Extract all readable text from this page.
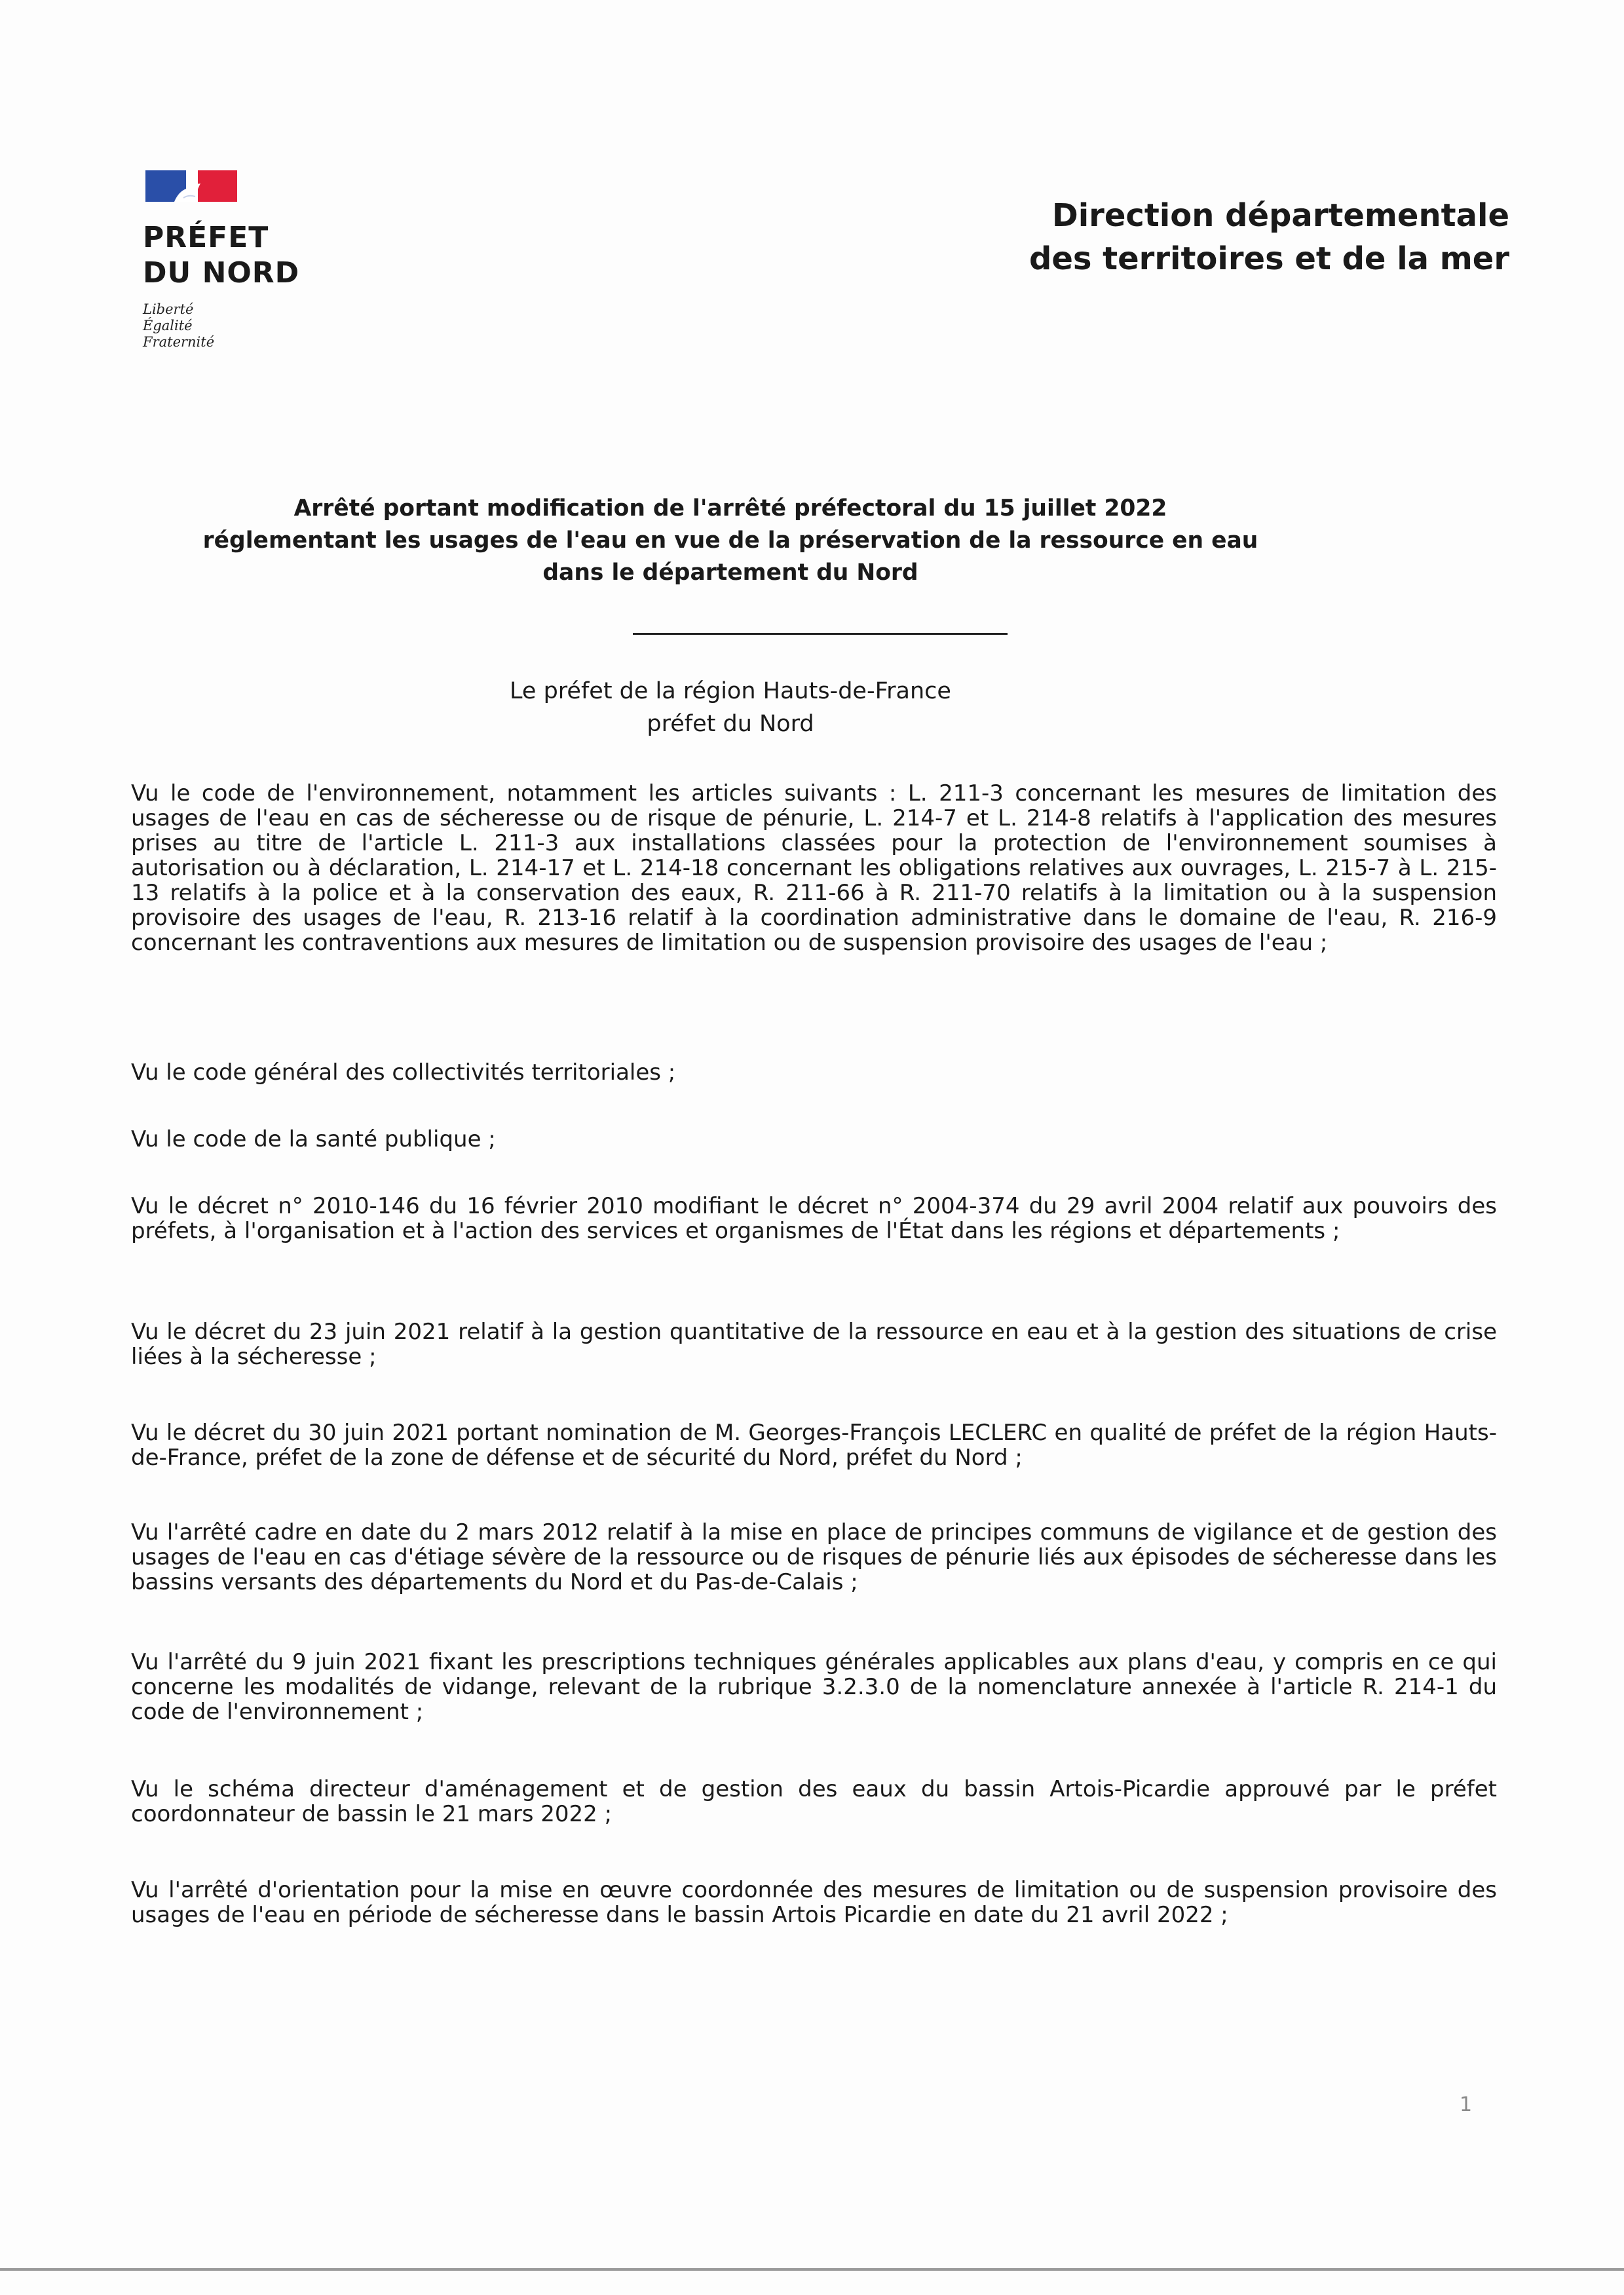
PRÉFET
DU NORD
Liberté
Égalité
Fraternité
Direction départementale
des territoires et de la mer
Arrêté portant modification de l'arrêté préfectoral du 15 juillet 2022
réglementant les usages de l'eau en vue de la préservation de la ressource en eau
dans le département du Nord
Le préfet de la région Hauts-de-France
préfet du Nord
Vu le code de l'environnement, notamment les articles suivants : L. 211-3 concernant les mesures de limitation des usages de l'eau en cas de sécheresse ou de risque de pénurie, L. 214-7 et L. 214-8 relatifs à l'application des mesures prises au titre de l'article L. 211-3 aux installations classées pour la protection de l'environnement soumises à autorisation ou à déclaration, L. 214-17 et L. 214-18 concernant les obligations relatives aux ouvrages, L. 215-7 à L. 215-13 relatifs à la police et à la conservation des eaux, R. 211-66 à R. 211-70 relatifs à la limitation ou à la suspension provisoire des usages de l'eau, R. 213-16 relatif à la coordination administrative dans le domaine de l'eau, R. 216-9 concernant les contraventions aux mesures de limitation ou de suspension provisoire des usages de l'eau ;
Vu le code général des collectivités territoriales ;
Vu le code de la santé publique ;
Vu le décret n° 2010-146 du 16 février 2010 modifiant le décret n° 2004-374 du 29 avril 2004 relatif aux pouvoirs des préfets, à l'organisation et à l'action des services et organismes de l'État dans les régions et départements ;
Vu le décret du 23 juin 2021 relatif à la gestion quantitative de la ressource en eau et à la gestion des situations de crise liées à la sécheresse ;
Vu le décret du 30 juin 2021 portant nomination de M. Georges-François LECLERC en qualité de préfet de la région Hauts-de-France, préfet de la zone de défense et de sécurité du Nord, préfet du Nord ;
Vu l'arrêté cadre en date du 2 mars 2012 relatif à la mise en place de principes communs de vigilance et de gestion des usages de l'eau en cas d'étiage sévère de la ressource ou de risques de pénurie liés aux épisodes de sécheresse dans les bassins versants des départements du Nord et du Pas-de-Calais ;
Vu l'arrêté du 9 juin 2021 fixant les prescriptions techniques générales applicables aux plans d'eau, y compris en ce qui concerne les modalités de vidange, relevant de la rubrique 3.2.3.0 de la nomenclature annexée à l'article R. 214-1 du code de l'environnement ;
Vu le schéma directeur d'aménagement et de gestion des eaux du bassin Artois-Picardie approuvé par le préfet coordonnateur de bassin le 21 mars 2022 ;
Vu l'arrêté d'orientation pour la mise en œuvre coordonnée des mesures de limitation ou de suspension provisoire des usages de l'eau en période de sécheresse dans le bassin Artois Picardie en date du 21 avril 2022 ;
1
